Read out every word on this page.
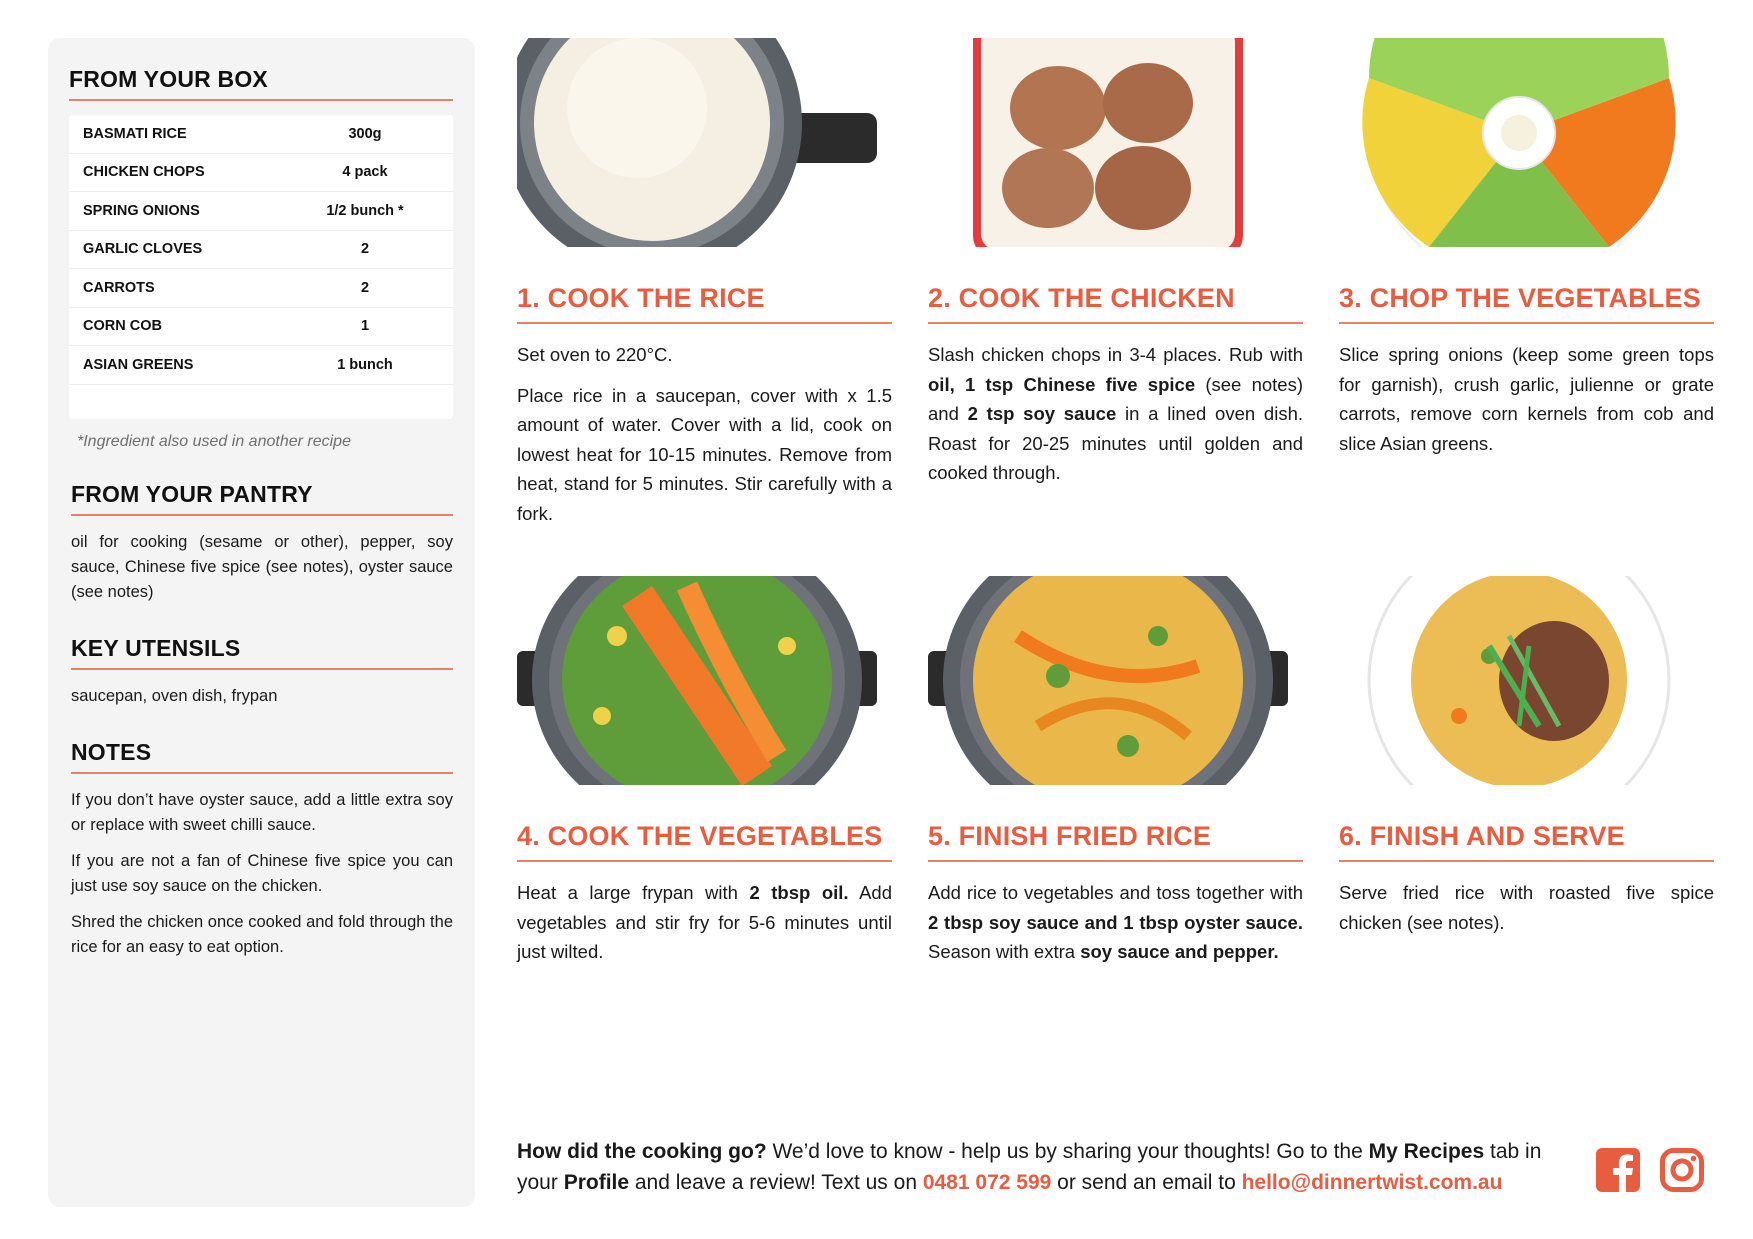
FROM YOUR BOX
BASMATI RICE	300g
CHICKEN CHOPS	4 pack
SPRING ONIONS	1/2 bunch *
GARLIC CLOVES	2
CARROTS	2
CORN COB	1
ASIAN GREENS	1 bunch

*Ingredient also used in another recipe

FROM YOUR PANTRY

oil for cooking (sesame or other), pepper, soy sauce, Chinese five spice (see notes), oyster sauce (see notes)

KEY UTENSILS

saucepan, oven dish, frypan

NOTES

If you don’t have oyster sauce, add a little extra soy or replace with sweet chilli sauce.

If you are not a fan of Chinese five spice you can just use soy sauce on the chicken.

Shred the chicken once cooked and fold through the rice for an easy to eat option.

1. COOK THE RICE

Set oven to 220°C.

Place rice in a saucepan, cover with x 1.5 amount of water. Cover with a lid, cook on lowest heat for 10-15 minutes. Remove from heat, stand for 5 minutes. Stir carefully with a fork.

2. COOK THE CHICKEN

Slash chicken chops in 3-4 places. Rub with oil, 1 tsp Chinese five spice (see notes) and 2 tsp soy sauce in a lined oven dish. Roast for 20-25 minutes until golden and cooked through.

3. CHOP THE VEGETABLES

Slice spring onions (keep some green tops for garnish), crush garlic, julienne or grate carrots, remove corn kernels from cob and slice Asian greens.

4. COOK THE VEGETABLES

Heat a large frypan with 2 tbsp oil. Add vegetables and stir fry for 5-6 minutes until just wilted.

5. FINISH FRIED RICE

Add rice to vegetables and toss together with 2 tbsp soy sauce and 1 tbsp oyster sauce. Season with extra soy sauce and pepper.

6. FINISH AND SERVE

Serve fried rice with roasted five spice chicken (see notes).

How did the cooking go? We’d love to know - help us by sharing your thoughts! Go to the My Recipes tab in your Profile and leave a review! Text us on 0481 072 599 or send an email to hello@dinnertwist.com.au
